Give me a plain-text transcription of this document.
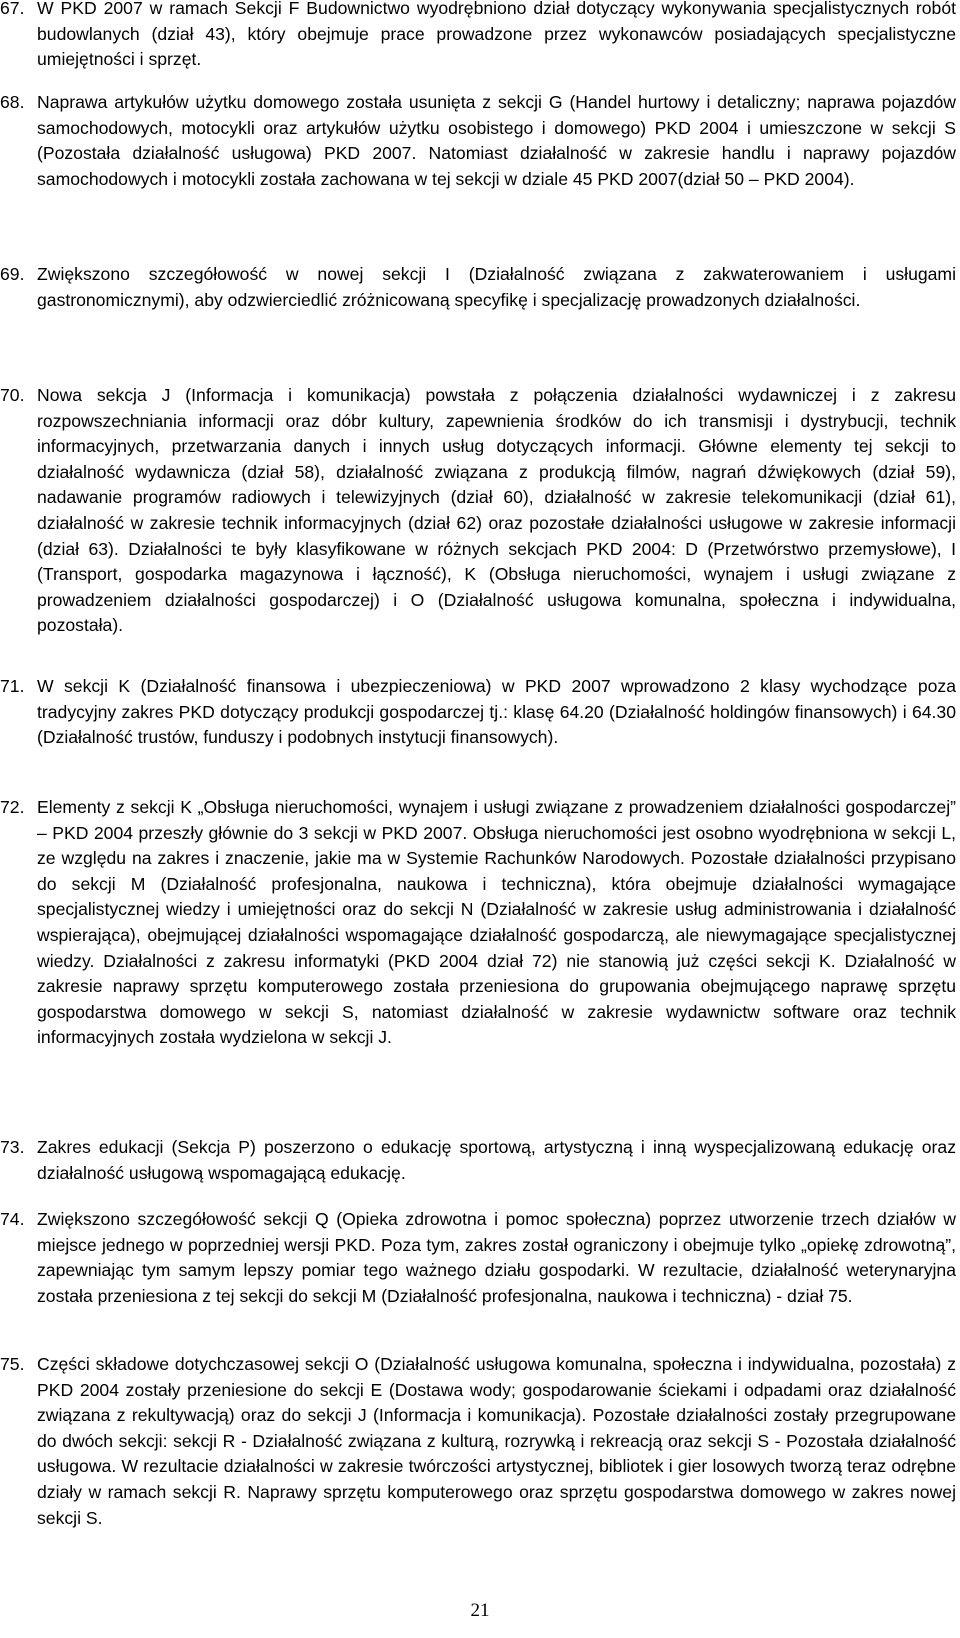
67. W PKD 2007 w ramach Sekcji F Budownictwo wyodrębniono dział dotyczący wykonywania specjalistycznych robót budowlanych (dział 43), który obejmuje prace prowadzone przez wykonawców posiadających specjalistyczne umiejętności i sprzęt.
68. Naprawa artykułów użytku domowego została usunięta z sekcji G (Handel hurtowy i detaliczny; naprawa pojazdów samochodowych, motocykli oraz artykułów użytku osobistego i domowego) PKD 2004 i umieszczone w sekcji S (Pozostała działalność usługowa) PKD 2007. Natomiast działalność w zakresie handlu i naprawy pojazdów samochodowych i motocykli została zachowana w tej sekcji w dziale 45 PKD 2007(dział 50 – PKD 2004).
69. Zwiększono szczegółowość w nowej sekcji I (Działalność związana z zakwaterowaniem i usługami gastronomicznymi), aby odzwierciedlić zróżnicowaną specyfikę i specjalizację prowadzonych działalności.
70. Nowa sekcja J (Informacja i komunikacja) powstała z połączenia działalności wydawniczej i z zakresu rozpowszechniania informacji oraz dóbr kultury, zapewnienia środków do ich transmisji i dystrybucji, technik informacyjnych, przetwarzania danych i innych usług dotyczących informacji. Główne elementy tej sekcji to działalność wydawnicza (dział 58), działalność związana z produkcją filmów, nagrań dźwiękowych (dział 59), nadawanie programów radiowych i telewizyjnych (dział 60), działalność w zakresie telekomunikacji (dział 61), działalność w zakresie technik informacyjnych (dział 62) oraz pozostałe działalności usługowe w zakresie informacji (dział 63). Działalności te były klasyfikowane w różnych sekcjach PKD 2004: D (Przetwórstwo przemysłowe), I (Transport, gospodarka magazynowa i łączność), K (Obsługa nieruchomości, wynajem i usługi związane z prowadzeniem działalności gospodarczej) i O (Działalność usługowa komunalna, społeczna i indywidualna, pozostała).
71. W sekcji K (Działalność finansowa i ubezpieczeniowa) w PKD 2007 wprowadzono 2 klasy wychodzące poza tradycyjny zakres PKD dotyczący produkcji gospodarczej tj.: klasę 64.20 (Działalność holdingów finansowych) i 64.30 (Działalność trustów, funduszy i podobnych instytucji finansowych).
72. Elementy z sekcji K „Obsługa nieruchomości, wynajem i usługi związane z prowadzeniem działalności gospodarczej” – PKD 2004 przeszły głównie do 3 sekcji w PKD 2007. Obsługa nieruchomości jest osobno wyodrębniona w sekcji L, ze względu na zakres i znaczenie, jakie ma w Systemie Rachunków Narodowych. Pozostałe działalności przypisano do sekcji M (Działalność profesjonalna, naukowa i techniczna), która obejmuje działalności wymagające specjalistycznej wiedzy i umiejętności oraz do sekcji N (Działalność w zakresie usług administrowania i działalność wspierająca), obejmującej działalności wspomagające działalność gospodarczą, ale niewymagające specjalistycznej wiedzy. Działalności z zakresu informatyki (PKD 2004 dział 72) nie stanowią już części sekcji K. Działalność w zakresie naprawy sprzętu komputerowego została przeniesiona do grupowania obejmującego naprawę sprzętu gospodarstwa domowego w sekcji S, natomiast działalność w zakresie wydawnictw software oraz technik informacyjnych została wydzielona w sekcji J.
73. Zakres edukacji (Sekcja P) poszerzono o edukację sportową, artystyczną i inną wyspecjalizowaną edukację oraz działalność usługową wspomagającą edukację.
74. Zwiększono szczegółowość sekcji Q (Opieka zdrowotna i pomoc społeczna) poprzez utworzenie trzech działów w miejsce jednego w poprzedniej wersji PKD. Poza tym, zakres został ograniczony i obejmuje tylko „opiekę zdrowotną”, zapewniając tym samym lepszy pomiar tego ważnego działu gospodarki. W rezultacie, działalność weterynaryjna została przeniesiona z tej sekcji do sekcji M (Działalność profesjonalna, naukowa i techniczna) - dział 75.
75. Części składowe dotychczasowej sekcji O (Działalność usługowa komunalna, społeczna i indywidualna, pozostała) z PKD 2004 zostały przeniesione do sekcji E (Dostawa wody; gospodarowanie ściekami i odpadami oraz działalność związana z rekultywacją) oraz do sekcji J (Informacja i komunikacja). Pozostałe działalności zostały przegrupowane do dwóch sekcji: sekcji R - Działalność związana z kulturą, rozrywką i rekreacją oraz sekcji S - Pozostała działalność usługowa. W rezultacie działalności w zakresie twórczości artystycznej, bibliotek i gier losowych tworzą teraz odrębne działy w ramach sekcji R. Naprawy sprzętu komputerowego oraz sprzętu gospodarstwa domowego w zakres nowej sekcji S.
21
